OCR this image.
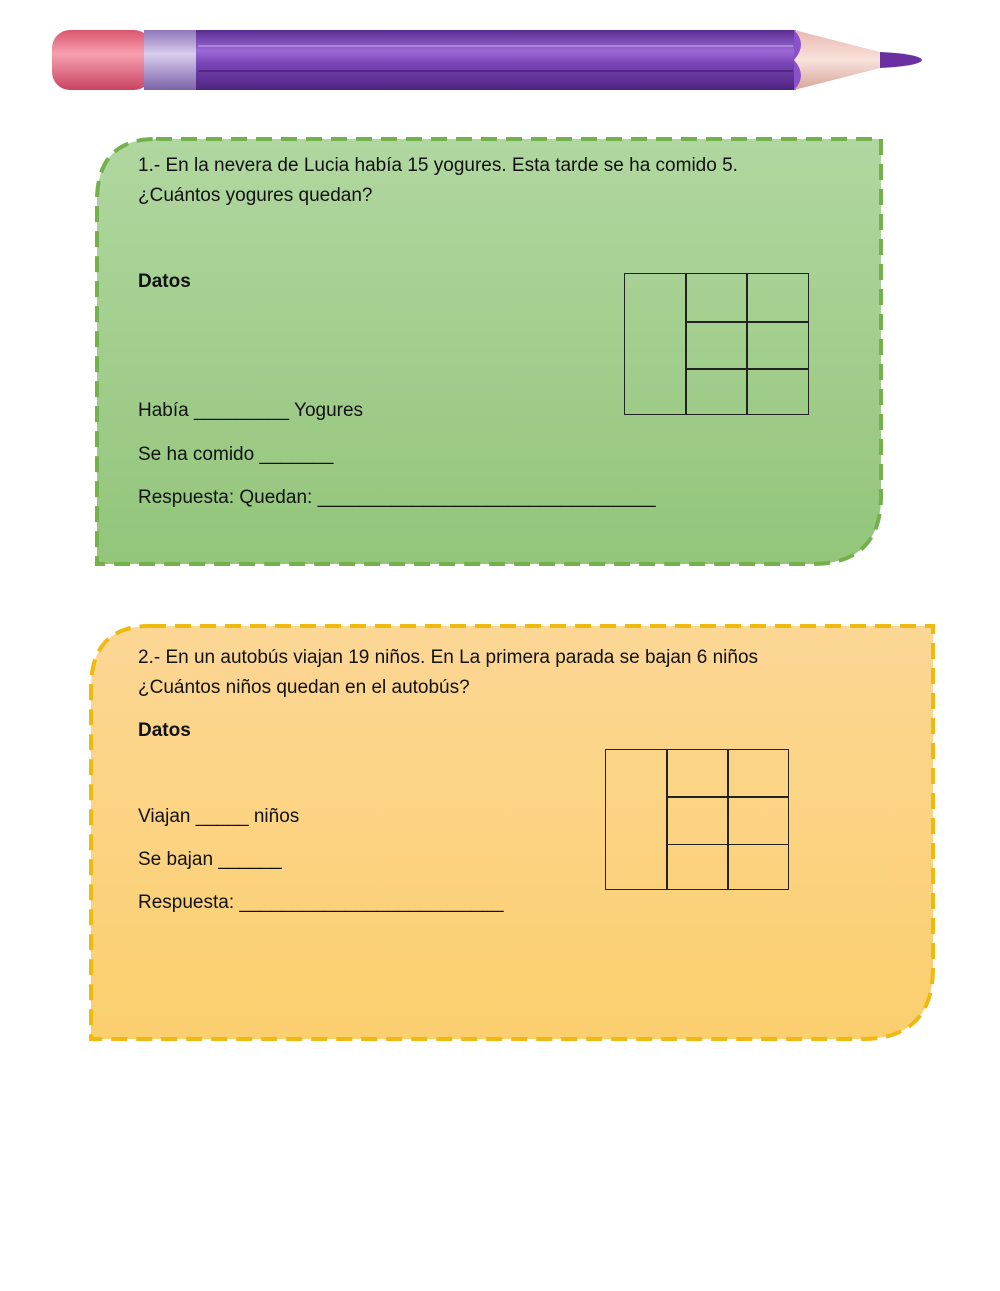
1.- En la nevera de Lucia había 15 yogures. Esta tarde se ha comido 5.
¿Cuántos yogures quedan?
Datos
Había _________ Yogures
Se ha comido _______
Respuesta: Quedan: ________________________________
2.- En un autobús viajan 19 niños. En La primera parada se bajan 6 niños
¿Cuántos niños quedan en el autobús?
Datos
Viajan _____ niños
Se bajan ______
Respuesta: _________________________
